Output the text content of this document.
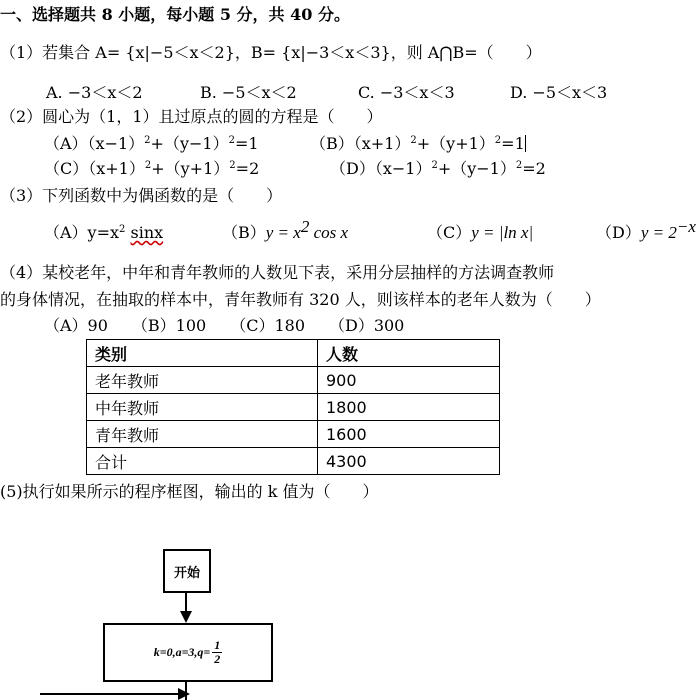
一、选择题共 8 小题，每小题 5 分，共 40 分。
（1）若集合 A= {x|−5＜x＜2}，B= {x|−3＜x＜3}，则 A⋂B=（　　）
A. −3＜x＜2	B. −5＜x＜2	C. −3＜x＜3	D. −5＜x＜3
（2）圆心为（1，1）且过原点的圆的方程是（　　）
$(A)(x-1)^2+(y-1)^2=1$	$(B)(x+1)^2+(y+1)^2=1$
$(C)(x+1)^2+(y+1)^2=2$	$(D)(x-1)^2+(y-1)^2=2$
（3）下列函数中为偶函数的是（　　）
$(A)y=x^2$ sinx	$(B)y = x^2$ cos x	（C）y = |ln x|	$(D)y = 2^{-x}$
（4）某校老年，中年和青年教师的人数见下表，采用分层抽样的方法调查教师
的身体情况，在抽取的样本中，青年教师有 320 人，则该样本的老年人数为（　　）
（A）90　　（B）100　　（C）180　　（D）300
类别	人数
老年教师	900
中年教师	1800
青年教师	1600
合计	4300
(5)执行如果所示的程序框图，输出的 k 值为（　　）
开始
$k=0,a=3,q= \frac{1}{2}$
